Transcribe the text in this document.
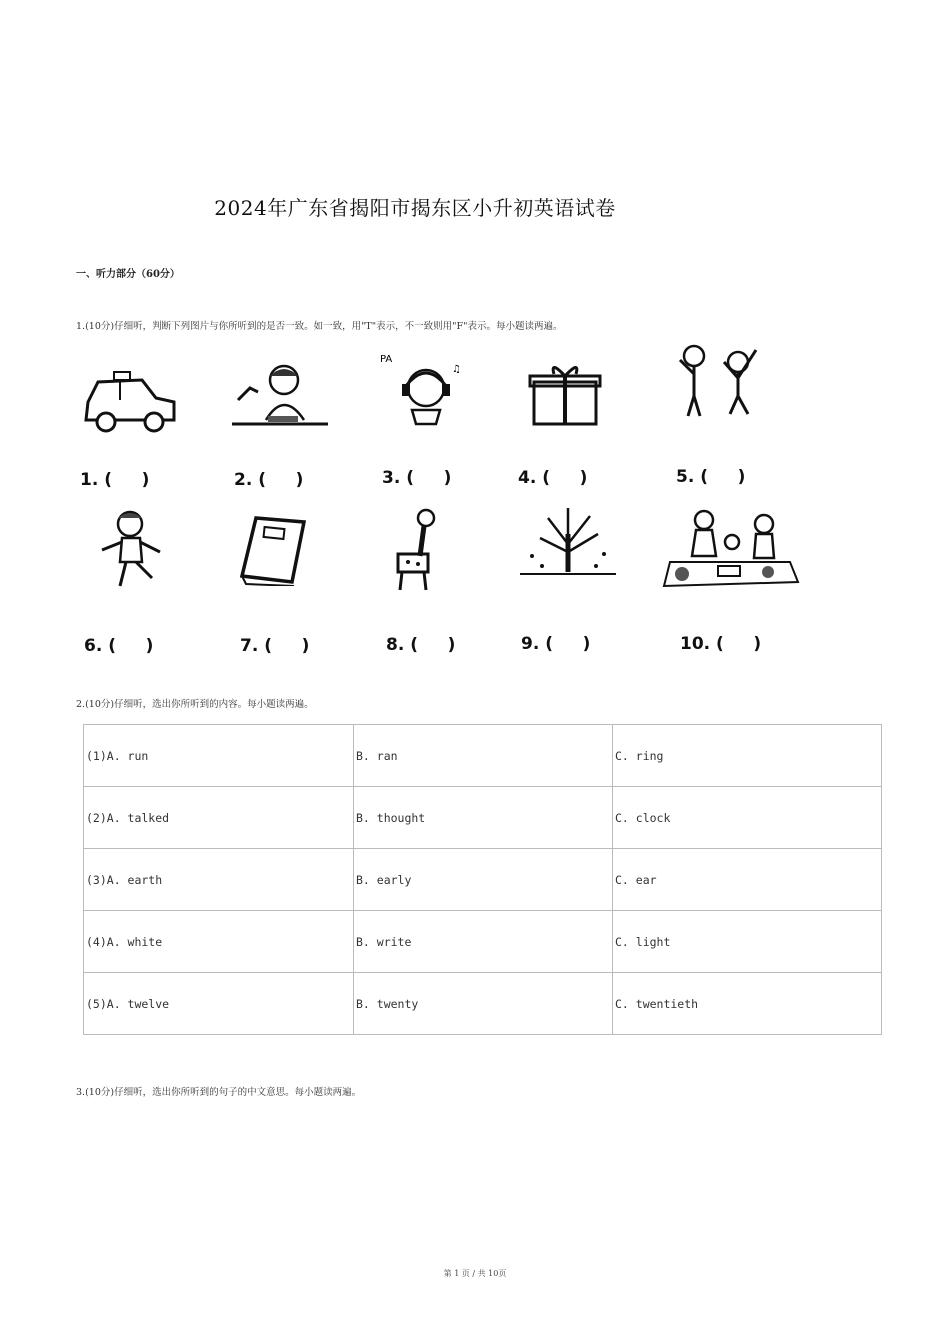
2024年广东省揭阳市揭东区小升初英语试卷
一、听力部分（60分）
1.(10分)仔细听，判断下列图片与你所听到的是否一致。如一致，用"T"表示，不一致则用"F"表示。每小题读两遍。
PA
♫
1. (     )	2. (     )	3. (     )	4. (     )	5. (     )
6. (     )	7. (     )	8. (     )	9. (     )	10. (     )
2.(10分)仔细听，选出你所听到的内容。每小题读两遍。
(1)A. run	B. ran	C. ring
(2)A. talked	B. thought	C. clock
(3)A. earth	B. early	C. ear
(4)A. white	B. write	C. light
(5)A. twelve	B. twenty	C. twentieth
3.(10分)仔细听，选出你所听到的句子的中文意思。每小题读两遍。
第 1 页 / 共 10页
